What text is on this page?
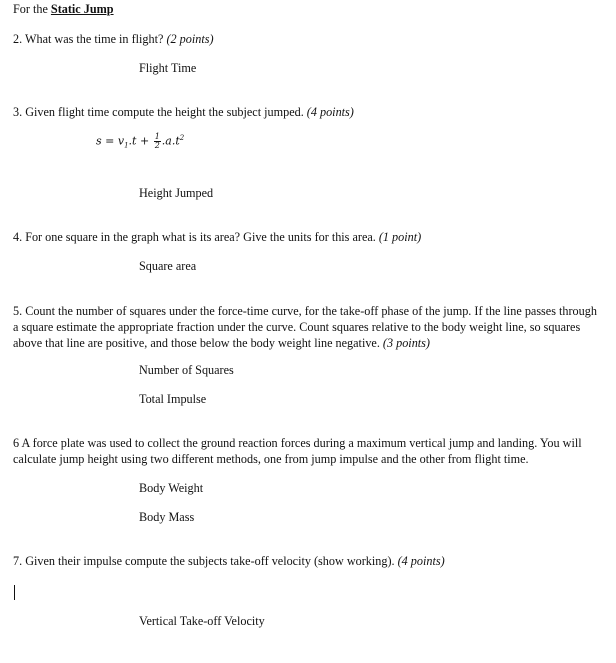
For the Static Jump
2. What was the time in flight? (2 points)
Flight Time
3. Given flight time compute the height the subject jumped. (4 points)
$s = v_1.t + \frac{1}{2} .a.t^2$
Height Jumped
4. For one square in the graph what is its area? Give the units for this area. (1 point)
Square area
5. Count the number of squares under the force-time curve, for the take-off phase of the jump. If the line passes through a square estimate the appropriate fraction under the curve. Count squares relative to the body weight line, so squares above that line are positive, and those below the body weight line negative. (3 points)
Number of Squares
Total Impulse
6 A force plate was used to collect the ground reaction forces during a maximum vertical jump and landing. You will calculate jump height using two different methods, one from jump impulse and the other from flight time.
Body Weight
Body Mass
7. Given their impulse compute the subjects take-off velocity (show working). (4 points)
Vertical Take-off Velocity
